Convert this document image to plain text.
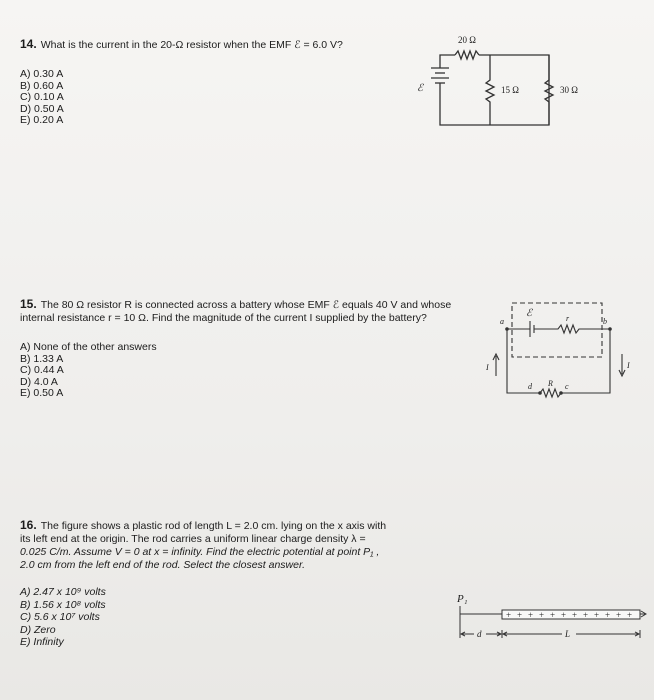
14. What is the current in the 20-Ω resistor when the EMF ℰ = 6.0 V?

A) 0.30 A
B) 0.60 A
C) 0.10 A
D) 0.50 A
E) 0.20 A
20 Ω
15 Ω	30 Ω
ℰ

15. The 80 Ω resistor R is connected across a battery whose EMF ℰ equals 40 V and whose internal resistance r = 10 Ω. Find the magnitude of the current I supplied by the battery?

A) None of the other answers
B) 1.33 A
C) 0.44 A
D) 4.0 A
E) 0.50 A
ℰ
a	b
r
R
d	c
I	I

16. The figure shows a plastic rod of length L = 2.0 cm. lying on the x axis with
its left end at the origin. The rod carries a uniform linear charge density λ =
0.025 C/m. Assume V = 0 at x = infinity. Find the electric potential at point P₁ ,
2.0 cm from the left end of the rod. Select the closest answer.

A) 2.47 x 10⁹ volts
B) 1.56 x 10⁸ volts
C) 5.6 x 10⁷ volts
D) Zero
E) Infinity
+ + + + + + + + + + + +
P₁
d	L
